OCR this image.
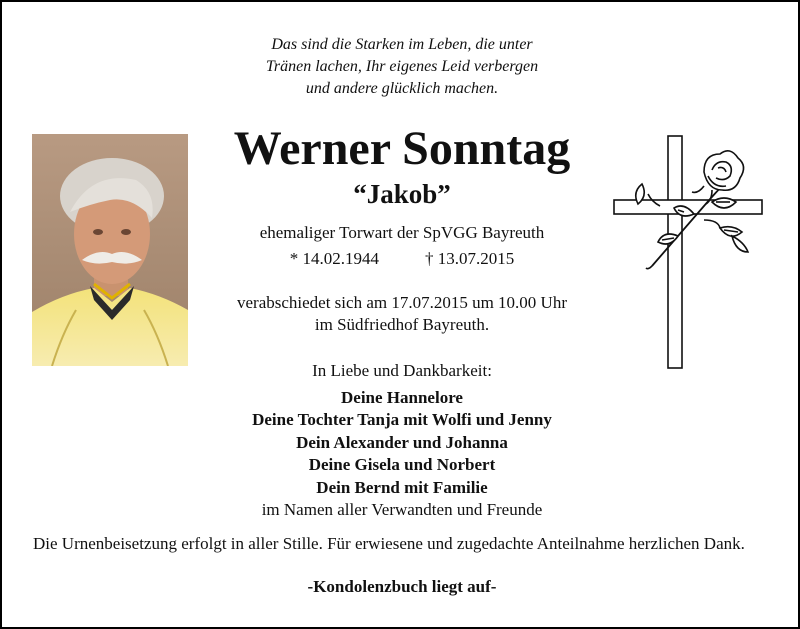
Das sind die Starken im Leben, die unter
Tränen lachen, Ihr eigenes Leid verbergen
und andere glücklich machen.
Werner Sonntag
“Jakob”
ehemaliger Torwart der SpVGG Bayreuth
* 14.02.1944	† 13.07.2015
verabschiedet sich am 17.07.2015 um 10.00 Uhr
im Südfriedhof Bayreuth.
In Liebe und Dankbarkeit:
Deine Hannelore
Deine Tochter Tanja mit Wolfi und Jenny
Dein Alexander und Johanna
Deine Gisela und Norbert
Dein Bernd mit Familie
im Namen aller Verwandten und Freunde
Die Urnenbeisetzung erfolgt in aller Stille. Für erwiesene und zugedachte Anteilnahme herzlichen Dank.
-Kondolenzbuch liegt auf-
